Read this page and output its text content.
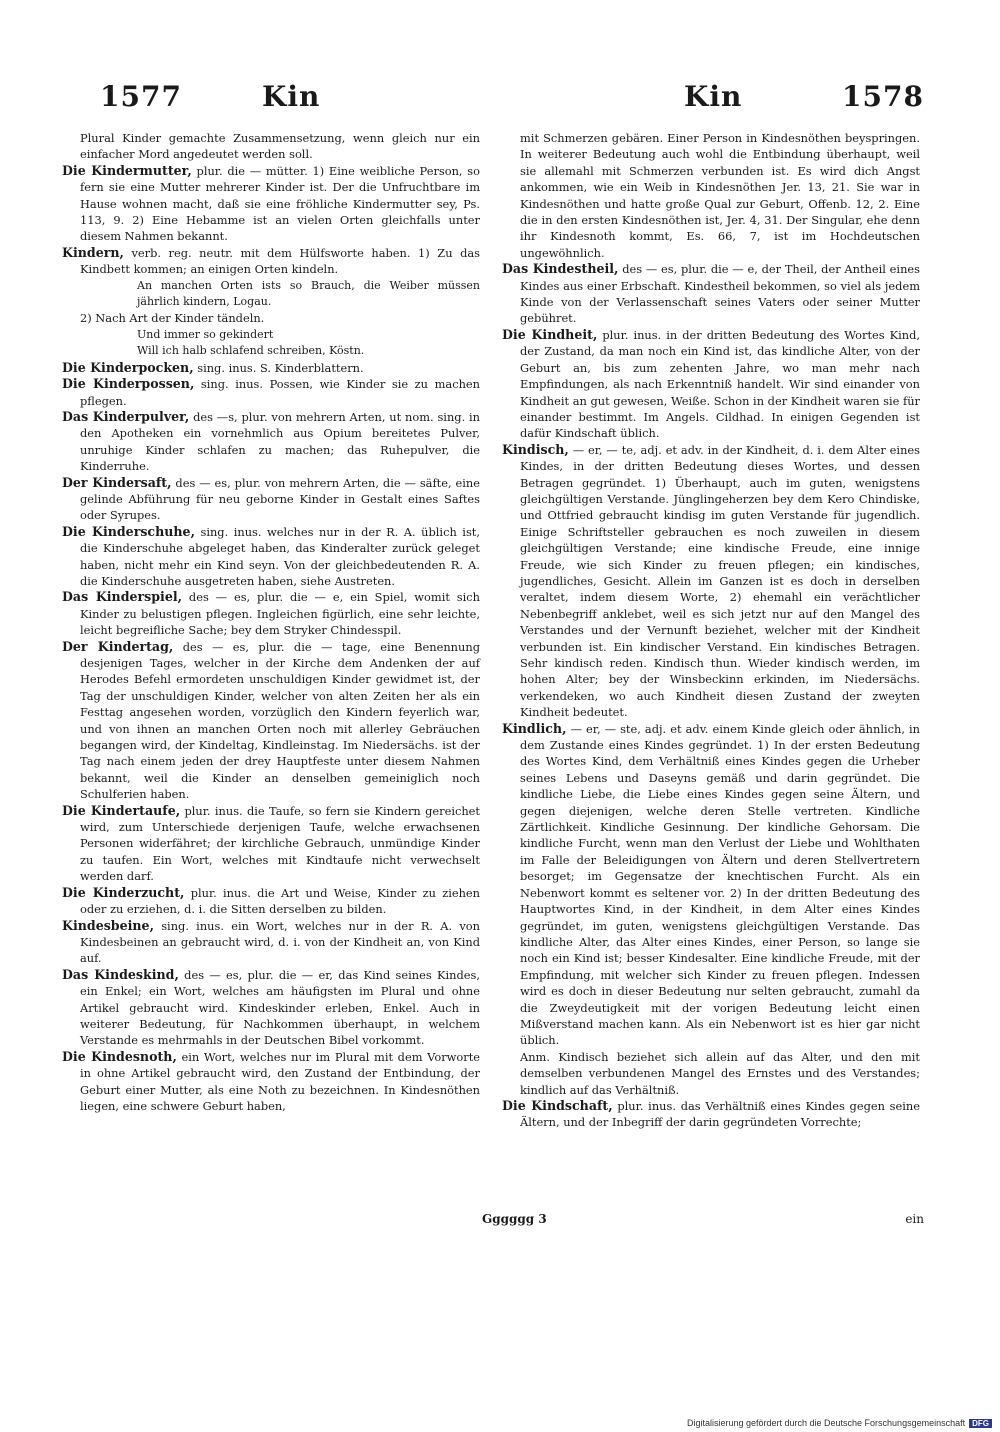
1577	Kin	Kin	1578
Plural Kinder gemachte Zusammensetzung, wenn gleich nur ein einfacher Mord angedeutet werden soll.
Die Kindermutter, plur. die — mütter. 1) Eine weibliche Person, so fern sie eine Mutter mehrerer Kinder ist. Der die Unfruchtbare im Hause wohnen macht, daß sie eine fröhliche Kindermutter sey, Ps. 113, 9. 2) Eine Hebamme ist an vielen Orten gleichfalls unter diesem Nahmen bekannt.
Kindern, verb. reg. neutr. mit dem Hülfsworte haben. 1) Zu das Kindbett kommen; an einigen Orten kindeln.
An manchen Orten ists so Brauch, die Weiber müssen jährlich kindern, Logau.
2) Nach Art der Kinder tändeln.
Und immer so gekindert
Will ich halb schlafend schreiben, Köstn.
Die Kinderpocken, sing. inus. S. Kinderblattern.
Die Kinderpossen, sing. inus. Possen, wie Kinder sie zu machen pflegen.
Das Kinderpulver, des —s, plur. von mehrern Arten, ut nom. sing. in den Apotheken ein vornehmlich aus Opium bereitetes Pulver, unruhige Kinder schlafen zu machen; das Ruhepulver, die Kinderruhe.
Der Kindersaft, des — es, plur. von mehrern Arten, die — säfte, eine gelinde Abführung für neu geborne Kinder in Gestalt eines Saftes oder Syrupes.
Die Kinderschuhe, sing. inus. welches nur in der R. A. üblich ist, die Kinderschuhe abgeleget haben, das Kinderalter zurück geleget haben, nicht mehr ein Kind seyn. Von der gleichbedeutenden R. A. die Kinderschuhe ausgetreten haben, siehe Austreten.
Das Kinderspiel, des — es, plur. die — e, ein Spiel, womit sich Kinder zu belustigen pflegen. Ingleichen figürlich, eine sehr leichte, leicht begreifliche Sache; bey dem Stryker Chindesspil.
Der Kindertag, des — es, plur. die — tage, eine Benennung desjenigen Tages, welcher in der Kirche dem Andenken der auf Herodes Befehl ermordeten unschuldigen Kinder gewidmet ist, der Tag der unschuldigen Kinder, welcher von alten Zeiten her als ein Festtag angesehen worden, vorzüglich den Kindern feyerlich war, und von ihnen an manchen Orten noch mit allerley Gebräuchen begangen wird, der Kindeltag, Kindleinstag. Im Niedersächs. ist der Tag nach einem jeden der drey Hauptfeste unter diesem Nahmen bekannt, weil die Kinder an denselben gemeiniglich noch Schulferien haben.
Die Kindertaufe, plur. inus. die Taufe, so fern sie Kindern gereichet wird, zum Unterschiede derjenigen Taufe, welche erwachsenen Personen widerfähret; der kirchliche Gebrauch, unmündige Kinder zu taufen. Ein Wort, welches mit Kindtaufe nicht verwechselt werden darf.
Die Kinderzucht, plur. inus. die Art und Weise, Kinder zu ziehen oder zu erziehen, d. i. die Sitten derselben zu bilden.
Kindesbeine, sing. inus. ein Wort, welches nur in der R. A. von Kindesbeinen an gebraucht wird, d. i. von der Kindheit an, von Kind auf.
Das Kindeskind, des — es, plur. die — er, das Kind seines Kindes, ein Enkel; ein Wort, welches am häufigsten im Plural und ohne Artikel gebraucht wird. Kindeskinder erleben, Enkel. Auch in weiterer Bedeutung, für Nachkommen überhaupt, in welchem Verstande es mehrmahls in der Deutschen Bibel vorkommt.
Die Kindesnoth, ein Wort, welches nur im Plural mit dem Vorworte in ohne Artikel gebraucht wird, den Zustand der Entbindung, der Geburt einer Mutter, als eine Noth zu bezeichnen. In Kindesnöthen liegen, eine schwere Geburt haben,
mit Schmerzen gebären. Einer Person in Kindesnöthen beyspringen. In weiterer Bedeutung auch wohl die Entbindung überhaupt, weil sie allemahl mit Schmerzen verbunden ist. Es wird dich Angst ankommen, wie ein Weib in Kindesnöthen Jer. 13, 21. Sie war in Kindesnöthen und hatte große Qual zur Geburt, Offenb. 12, 2. Eine die in den ersten Kindesnöthen ist, Jer. 4, 31. Der Singular, ehe denn ihr Kindesnoth kommt, Es. 66, 7, ist im Hochdeutschen ungewöhnlich.
Das Kindestheil, des — es, plur. die — e, der Theil, der Antheil eines Kindes aus einer Erbschaft. Kindestheil bekommen, so viel als jedem Kinde von der Verlassenschaft seines Vaters oder seiner Mutter gebühret.
Die Kindheit, plur. inus. in der dritten Bedeutung des Wortes Kind, der Zustand, da man noch ein Kind ist, das kindliche Alter, von der Geburt an, bis zum zehenten Jahre, wo man mehr nach Empfindungen, als nach Erkenntniß handelt. Wir sind einander von Kindheit an gut gewesen, Weiße. Schon in der Kindheit waren sie für einander bestimmt. Im Angels. Cildhad. In einigen Gegenden ist dafür Kindschaft üblich.
Kindisch, — er, — te, adj. et adv. in der Kindheit, d. i. dem Alter eines Kindes, in der dritten Bedeutung dieses Wortes, und dessen Betragen gegründet. 1) Überhaupt, auch im guten, wenigstens gleichgültigen Verstande. Jünglingeherzen bey dem Kero Chindiske, und Ottfried gebraucht kindisg im guten Verstande für jugendlich. Einige Schriftsteller gebrauchen es noch zuweilen in diesem gleichgültigen Verstande; eine kindische Freude, eine innige Freude, wie sich Kinder zu freuen pflegen; ein kindisches, jugendliches, Gesicht. Allein im Ganzen ist es doch in derselben veraltet, indem diesem Worte, 2) ehemahl ein verächtlicher Nebenbegriff anklebet, weil es sich jetzt nur auf den Mangel des Verstandes und der Vernunft beziehet, welcher mit der Kindheit verbunden ist. Ein kindischer Verstand. Ein kindisches Betragen. Sehr kindisch reden. Kindisch thun. Wieder kindisch werden, im hohen Alter; bey der Winsbeckinn erkinden, im Niedersächs. verkendeken, wo auch Kindheit diesen Zustand der zweyten Kindheit bedeutet.
Kindlich, — er, — ste, adj. et adv. einem Kinde gleich oder ähnlich, in dem Zustande eines Kindes gegründet. 1) In der ersten Bedeutung des Wortes Kind, dem Verhältniß eines Kindes gegen die Urheber seines Lebens und Daseyns gemäß und darin gegründet. Die kindliche Liebe, die Liebe eines Kindes gegen seine Ältern, und gegen diejenigen, welche deren Stelle vertreten. Kindliche Zärtlichkeit. Kindliche Gesinnung. Der kindliche Gehorsam. Die kindliche Furcht, wenn man den Verlust der Liebe und Wohlthaten im Falle der Beleidigungen von Ältern und deren Stellvertretern besorget; im Gegensatze der knechtischen Furcht. Als ein Nebenwort kommt es seltener vor. 2) In der dritten Bedeutung des Hauptwortes Kind, in der Kindheit, in dem Alter eines Kindes gegründet, im guten, wenigstens gleichgültigen Verstande. Das kindliche Alter, das Alter eines Kindes, einer Person, so lange sie noch ein Kind ist; besser Kindesalter. Eine kindliche Freude, mit der Empfindung, mit welcher sich Kinder zu freuen pflegen. Indessen wird es doch in dieser Bedeutung nur selten gebraucht, zumahl da die Zweydeutigkeit mit der vorigen Bedeutung leicht einen Mißverstand machen kann. Als ein Nebenwort ist es hier gar nicht üblich.
Anm. Kindisch beziehet sich allein auf das Alter, und den mit demselben verbundenen Mangel des Ernstes und des Verstandes; kindlich auf das Verhältniß.
Die Kindschaft, plur. inus. das Verhältniß eines Kindes gegen seine Ältern, und der Inbegriff der darin gegründeten Vorrechte;
Gggggg 3	ein
Digitalisierung gefördert durch die Deutsche Forschungsgemeinschaft DFG
